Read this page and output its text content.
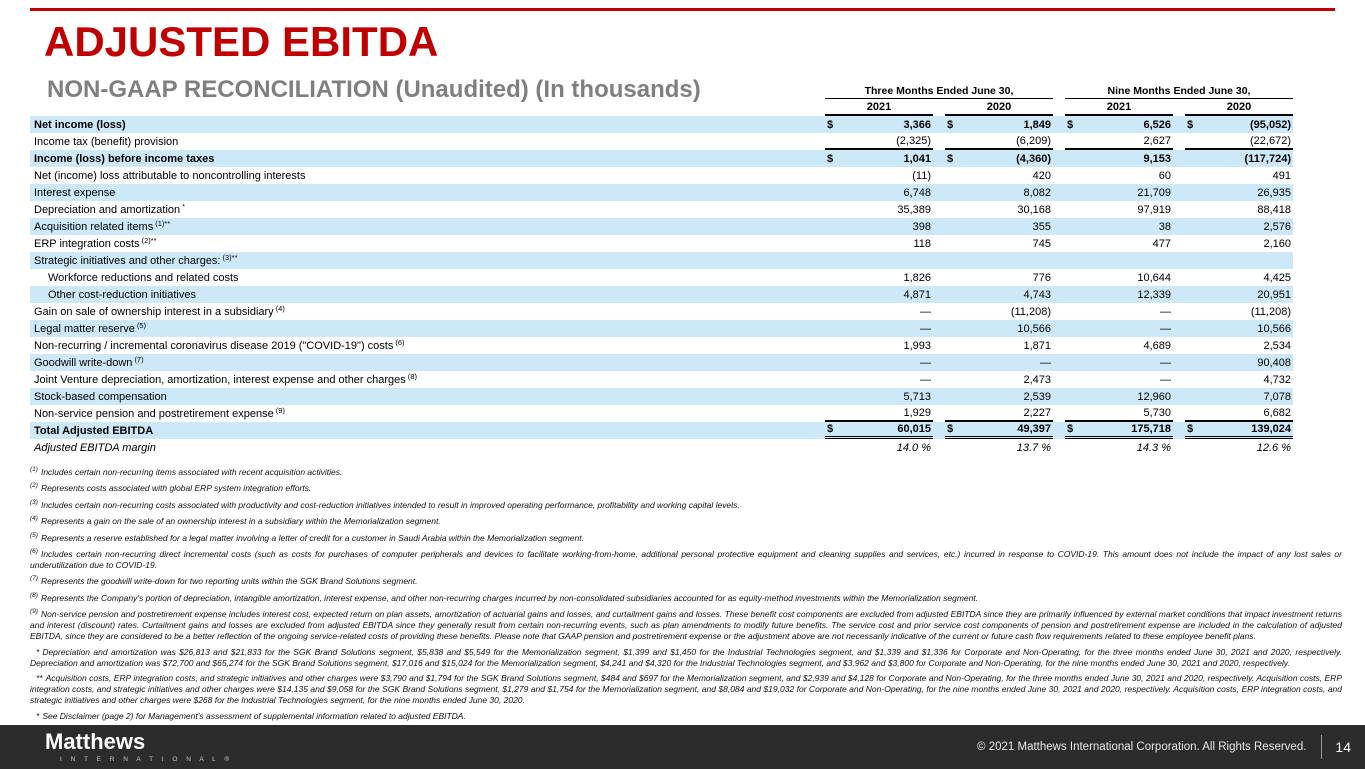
ADJUSTED EBITDA
NON-GAAP RECONCILIATION (Unaudited) (In thousands)	Three Months Ended June 30,	Nine Months Ended June 30,
2021	2020	2021	2020
Net income (loss)	$	3,366 $	1,849 $	6,526 $	(95,052)
Income tax (benefit) provision	(2,325)	(6,209)	2,627	(22,672)
Income (loss) before income taxes	$	1,041 $	(4,360)	9,153	(117,724)
Net (income) loss attributable to noncontrolling interests	(11)	420	60	491
Interest expense	6,748	8,082	21,709	26,935
Depreciation and amortization *	35,389	30,168	97,919	88,418
Acquisition related items $^{(1)**}$	398	355	38	2,576
ERP integration costs $^{(2)**}$	118	745	477	2,160
Strategic initiatives and other charges: $^{(3)**}$
Workforce reductions and related costs	1,826	776	10,644	4,425
Other cost-reduction initiatives	4,871	4,743	12,339	20,951
Gain on sale of ownership interest in a subsidiary $^{(4)}$	—	(11,208)	—	(11,208)
Legal matter reserve $^{(5)}$	—	10,566	—	10,566
Non-recurring / incremental coronavirus disease 2019 ("COVID-19") costs $^{(6)}$	1,993	1,871	4,689	2,534
Goodwill write-down $^{(7)}$	—	—	—	90,408
Joint Venture depreciation, amortization, interest expense and other charges $^{(8)}$	—	2,473	—	4,732
Stock-based compensation	5,713	2,539	12,960	7,078
Non-service pension and postretirement expense $^{(9)}$	1,929	2,227	5,730	6,682
Total Adjusted EBITDA	$	60,015 $	49,397 $	175,718 $	139,024
Adjusted EBITDA margin	14.0 %	13.7 %	14.3 %	12.6 %

$^{(1)}$ Includes certain non-recurring items associated with recent acquisition activities.

$^{(2)}$ Represents costs associated with global ERP system integration efforts.

$^{(3)}$ Includes certain non-recurring costs associated with productivity and cost-reduction initiatives intended to result in improved operating performance, profitability and working capital levels.

$^{(4)}$ Represents a gain on the sale of an ownership interest in a subsidiary within the Memorialization segment.

$^{(5)}$ Represents a reserve established for a legal matter involving a letter of credit for a customer in Saudi Arabia within the Memorialization segment.

$^{(6)}$ Includes certain non-recurring direct incremental costs (such as costs for purchases of computer peripherals and devices to facilitate working-from-home, additional personal protective equipment and cleaning supplies and services, etc.) incurred in response to COVID-19. This amount does not include the impact of any lost sales or underutilization due to COVID-19.

$^{(7)}$ Represents the goodwill write-down for two reporting units within the SGK Brand Solutions segment.

$^{(8)}$ Represents the Company's portion of depreciation, intangible amortization, interest expense, and other non-recurring charges incurred by non-consolidated subsidiaries accounted for as equity-method investments within the Memorialization segment.

$^{(9)}$ Non-service pension and postretirement expense includes interest cost, expected return on plan assets, amortization of actuarial gains and losses, and curtailment gains and losses. These benefit cost components are excluded from adjusted EBITDA since they are primarily influenced by external market conditions that impact investment returns and interest (discount) rates. Curtailment gains and losses are excluded from adjusted EBITDA since they generally result from certain non-recurring events, such as plan amendments to modify future benefits. The service cost and prior service cost components of pension and postretirement expense are included in the calculation of adjusted EBITDA, since they are considered to be a better reflection of the ongoing service-related costs of providing these benefits. Please note that GAAP pension and postretirement expense or the adjustment above are not necessarily indicative of the current or future cash flow requirements related to these employee benefit plans.

* Depreciation and amortization was $26,813 and $21,833 for the SGK Brand Solutions segment, $5,838 and $5,549 for the Memorialization segment, $1,399 and $1,450 for the Industrial Technologies segment, and $1,339 and $1,336 for Corporate and Non-Operating, for the three months ended June 30, 2021 and 2020, respectively. Depreciation and amortization was $72,700 and $65,274 for the SGK Brand Solutions segment, $17,016 and $15,024 for the Memorialization segment, $4,241 and $4,320 for the Industrial Technologies segment, and $3,962 and $3,800 for Corporate and Non-Operating, for the nine months ended June 30, 2021 and 2020, respectively.

** Acquisition costs, ERP integration costs, and strategic initiatives and other charges were $3,790 and $1,794 for the SGK Brand Solutions segment, $484 and $697 for the Memorialization segment, and $2,939 and $4,128 for Corporate and Non-Operating, for the three months ended June 30, 2021 and 2020, respectively. Acquisition costs, ERP integration costs, and strategic initiatives and other charges were $14,135 and $9,058 for the SGK Brand Solutions segment, $1,279 and $1,754 for the Memorialization segment, and $8,084 and $19,032 for Corporate and Non-Operating, for the nine months ended June 30, 2021 and 2020, respectively. Acquisition costs, ERP integration costs, and strategic initiatives and other charges were $268 for the Industrial Technologies segment, for the nine months ended June 30, 2020.

* See Disclaimer (page 2) for Management's assessment of supplemental information related to adjusted EBITDA.

Matthews
I N T E R N A T I O N A L ®
© 2021 Matthews International Corporation. All Rights Reserved. 14
